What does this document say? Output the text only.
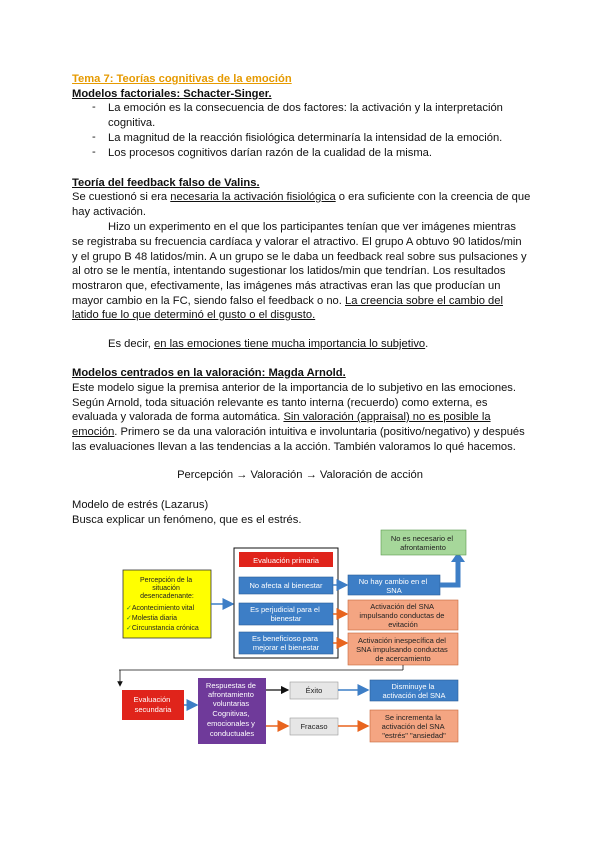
Tema 7: Teorías cognitivas de la emoción
Modelos factoriales: Schacter-Singer.
- La emoción es la consecuencia de dos factores: la activación y la interpretación
cognitiva.
- La magnitud de la reacción fisiológica determinaría la intensidad de la emoción.
- Los procesos cognitivos darían razón de la cualidad de la misma.
Teoría del feedback falso de Valins.
Se cuestionó si era necesaria la activación fisiológica o era suficiente con la creencia de que
hay activación.
Hizo un experimento en el que los participantes tenían que ver imágenes mientras
se registraba su frecuencia cardíaca y valorar el atractivo. El grupo A obtuvo 90 latidos/min
y el grupo B 48 latidos/min. A un grupo se le daba un feedback real sobre sus pulsaciones y
al otro se le mentía, intentando sugestionar los latidos/min que tendrían. Los resultados
mostraron que, efectivamente, las imágenes más atractivas eran las que producían un
mayor cambio en la FC, siendo falso el feedback o no. La creencia sobre el cambio del
latido fue lo que determinó el gusto o el disgusto.
Es decir, en las emociones tiene mucha importancia lo subjetivo.
Modelos centrados en la valoración: Magda Arnold.
Este modelo sigue la premisa anterior de la importancia de lo subjetivo en las emociones.
Según Arnold, toda situación relevante es tanto interna (recuerdo) como externa, es
evaluada y valorada de forma automática. Sin valoración (appraisal) no es posible la
emoción. Primero se da una valoración intuitiva e involuntaria (positivo/negativo) y después
las evaluaciones llevan a las tendencias a la acción. También valoramos lo qué hacemos.
Percepción → Valoración → Valoración de acción
Modelo de estrés (Lazarus)
Busca explicar un fenómeno, que es el estrés.
Percepción de la situación desencadenante:
✓Acontecimiento vital ✓Molestia diaria ✓Circunstancia crónica
Evaluación primaria
No afecta al bienestar
Es perjudicial para el bienestar
Es beneficioso para mejorar el bienestar
No hay cambio en el SNA
No es necesario el afrontamiento
Activación del SNA impulsando conductas de evitación
Activación inespecífica del SNA impulsando conductas de acercamiento
Evaluación secundaria
Respuestas de afrontamiento voluntarias Cognitivas, emocionales y conductuales
Éxito
Fracaso
Disminuye la activación del SNA
Se incrementa la activación del SNA "estrés" "ansiedad"
